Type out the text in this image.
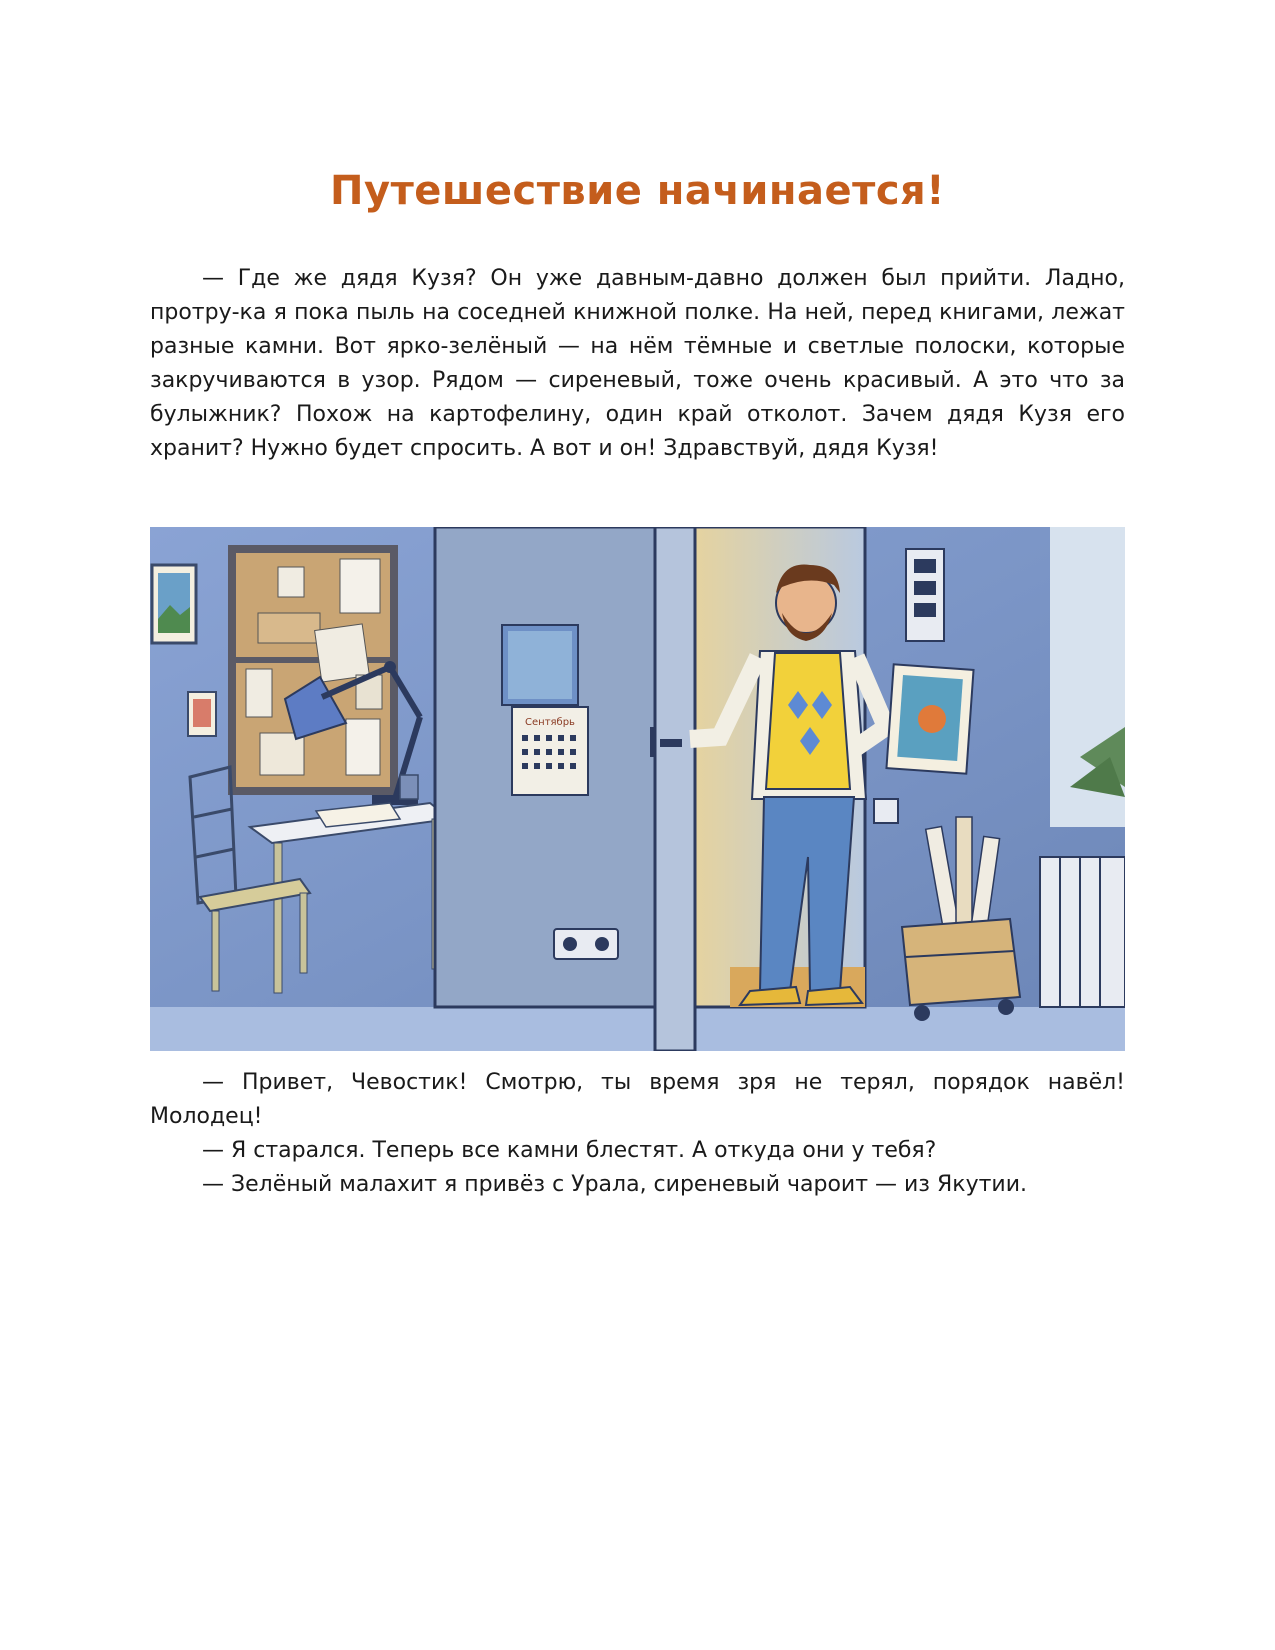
Путешествие начинается!

— Где же дядя Кузя? Он уже давным-давно должен был прийти. Ладно, протру-ка я пока пыль на соседней книжной полке. На ней, перед книгами, лежат разные камни. Вот ярко-зелёный — на нём тёмные и светлые полоски, которые закручиваются в узор. Рядом — сиреневый, тоже очень красивый. А это что за булыжник? Похож на картофелину, один край отколот. Зачем дядя Кузя его хранит? Нужно будет спросить. А вот и он! Здравствуй, дядя Кузя!

Сентябрь

— Привет, Чевостик! Смотрю, ты время зря не терял, порядок навёл! Молодец!

— Я старался. Теперь все камни блестят. А откуда они у тебя?

— Зелёный малахит я привёз с Урала, сиреневый чароит — из Якутии.
